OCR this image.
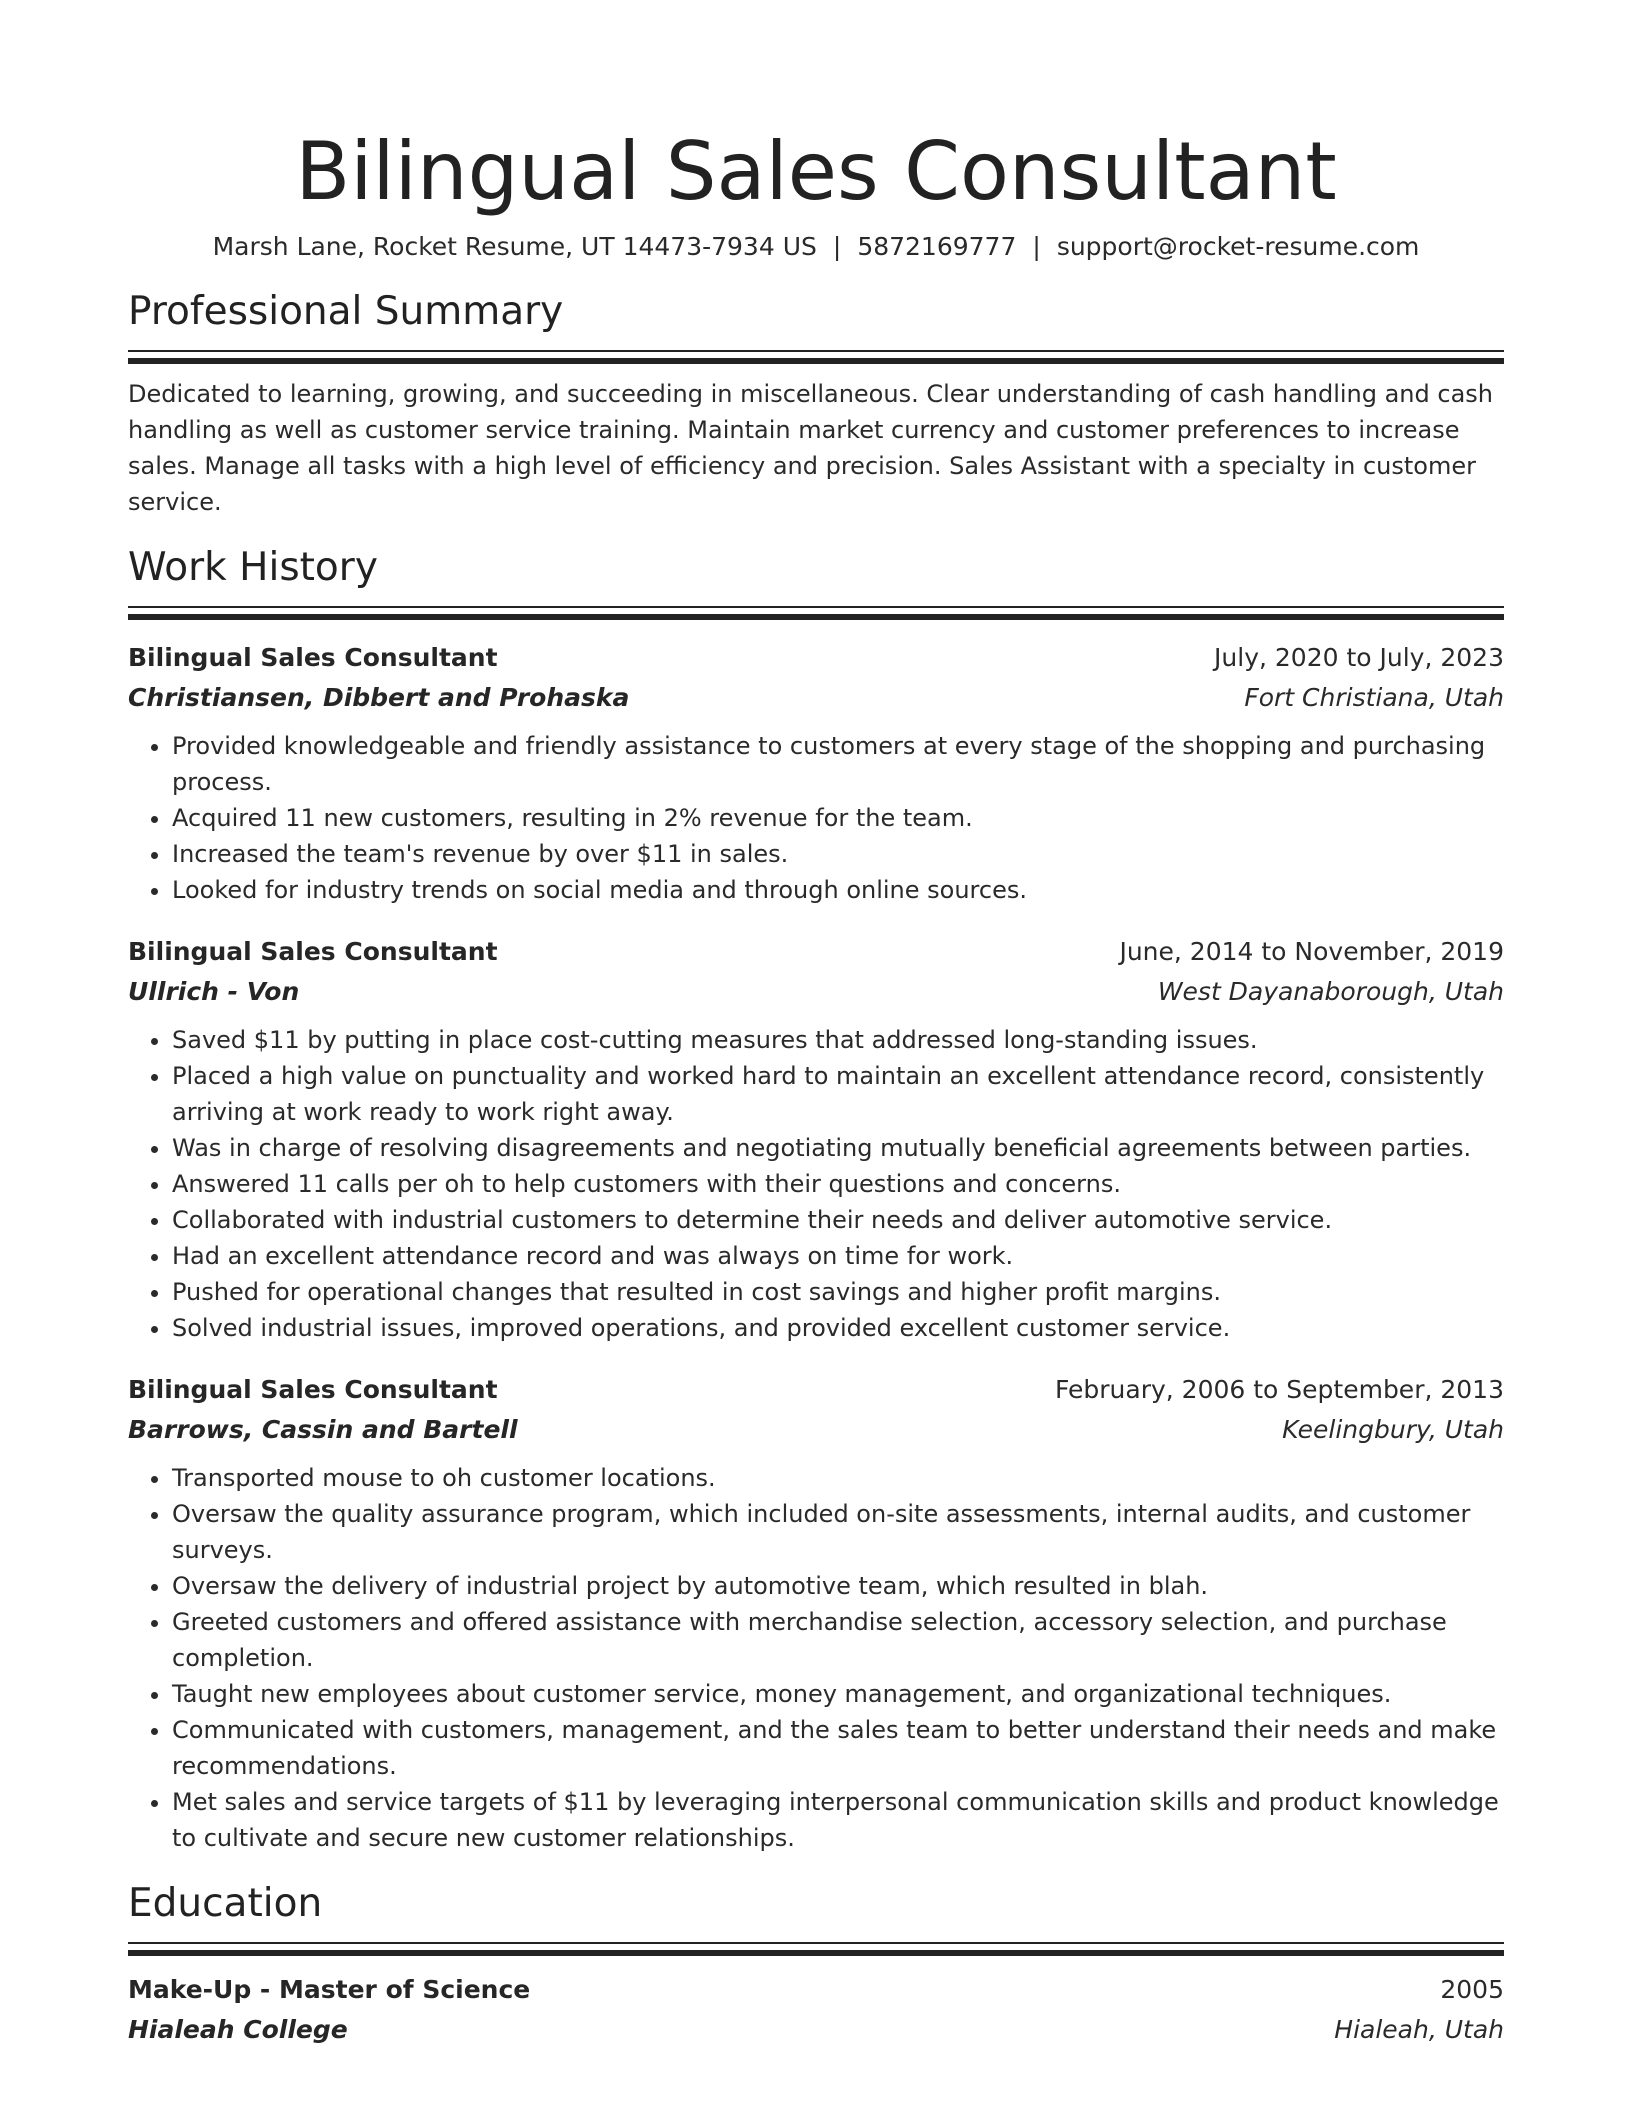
Bilingual Sales Consultant
Marsh Lane, Rocket Resume, UT 14473-7934 US | 5872169777 | support@rocket-resume.com
Professional Summary
Dedicated to learning, growing, and succeeding in miscellaneous. Clear understanding of cash handling and cash handling as well as customer service training. Maintain market currency and customer preferences to increase sales. Manage all tasks with a high level of efficiency and precision. Sales Assistant with a specialty in customer service.
Work History
Bilingual Sales Consultant	July, 2020 to July, 2023
Christiansen, Dibbert and Prohaska	Fort Christiana, Utah
• Provided knowledgeable and friendly assistance to customers at every stage of the shopping and purchasing process.
• Acquired 11 new customers, resulting in 2% revenue for the team.
• Increased the team's revenue by over $11 in sales.
• Looked for industry trends on social media and through online sources.
Bilingual Sales Consultant	June, 2014 to November, 2019
Ullrich - Von	West Dayanaborough, Utah
• Saved $11 by putting in place cost-cutting measures that addressed long-standing issues.
• Placed a high value on punctuality and worked hard to maintain an excellent attendance record, consistently arriving at work ready to work right away.
• Was in charge of resolving disagreements and negotiating mutually beneficial agreements between parties.
• Answered 11 calls per oh to help customers with their questions and concerns.
• Collaborated with industrial customers to determine their needs and deliver automotive service.
• Had an excellent attendance record and was always on time for work.
• Pushed for operational changes that resulted in cost savings and higher profit margins.
• Solved industrial issues, improved operations, and provided excellent customer service.
Bilingual Sales Consultant	February, 2006 to September, 2013
Barrows, Cassin and Bartell	Keelingbury, Utah
• Transported mouse to oh customer locations.
• Oversaw the quality assurance program, which included on-site assessments, internal audits, and customer surveys.
• Oversaw the delivery of industrial project by automotive team, which resulted in blah.
• Greeted customers and offered assistance with merchandise selection, accessory selection, and purchase completion.
• Taught new employees about customer service, money management, and organizational techniques.
• Communicated with customers, management, and the sales team to better understand their needs and make recommendations.
• Met sales and service targets of $11 by leveraging interpersonal communication skills and product knowledge to cultivate and secure new customer relationships.
Education
Make-Up - Master of Science	2005
Hialeah College	Hialeah, Utah
